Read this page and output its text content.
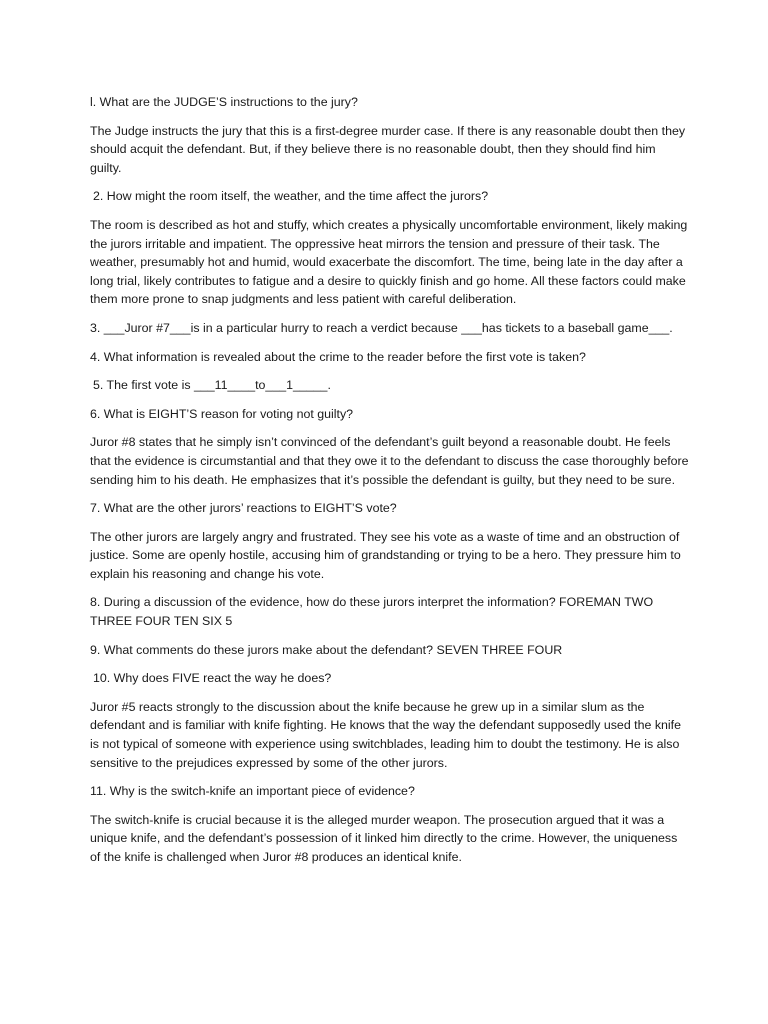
l. What are the JUDGE’S instructions to the jury?

The Judge instructs the jury that this is a first-degree murder case. If there is any reasonable doubt then they should acquit the defendant. But, if they believe there is no reasonable doubt, then they should find him guilty.

2. How might the room itself, the weather, and the time affect the jurors?

The room is described as hot and stuffy, which creates a physically uncomfortable environment, likely making the jurors irritable and impatient. The oppressive heat mirrors the tension and pressure of their task. The weather, presumably hot and humid, would exacerbate the discomfort. The time, being late in the day after a long trial, likely contributes to fatigue and a desire to quickly finish and go home. All these factors could make them more prone to snap judgments and less patient with careful deliberation.

3. ___Juror #7___is in a particular hurry to reach a verdict because ___has tickets to a baseball game___.

4. What information is revealed about the crime to the reader before the first vote is taken?

5. The first vote is ___11____to___1_____.

6. What is EIGHT’S reason for voting not guilty?

Juror #8 states that he simply isn’t convinced of the defendant’s guilt beyond a reasonable doubt. He feels that the evidence is circumstantial and that they owe it to the defendant to discuss the case thoroughly before sending him to his death. He emphasizes that it’s possible the defendant is guilty, but they need to be sure.

7. What are the other jurors’ reactions to EIGHT’S vote?

The other jurors are largely angry and frustrated. They see his vote as a waste of time and an obstruction of justice. Some are openly hostile, accusing him of grandstanding or trying to be a hero. They pressure him to explain his reasoning and change his vote.

8. During a discussion of the evidence, how do these jurors interpret the information? FOREMAN TWO THREE FOUR TEN SIX 5

9. What comments do these jurors make about the defendant? SEVEN THREE FOUR

10. Why does FIVE react the way he does?

Juror #5 reacts strongly to the discussion about the knife because he grew up in a similar slum as the defendant and is familiar with knife fighting. He knows that the way the defendant supposedly used the knife is not typical of someone with experience using switchblades, leading him to doubt the testimony. He is also sensitive to the prejudices expressed by some of the other jurors.

11. Why is the switch-knife an important piece of evidence?

The switch-knife is crucial because it is the alleged murder weapon. The prosecution argued that it was a unique knife, and the defendant’s possession of it linked him directly to the crime. However, the uniqueness of the knife is challenged when Juror #8 produces an identical knife.
